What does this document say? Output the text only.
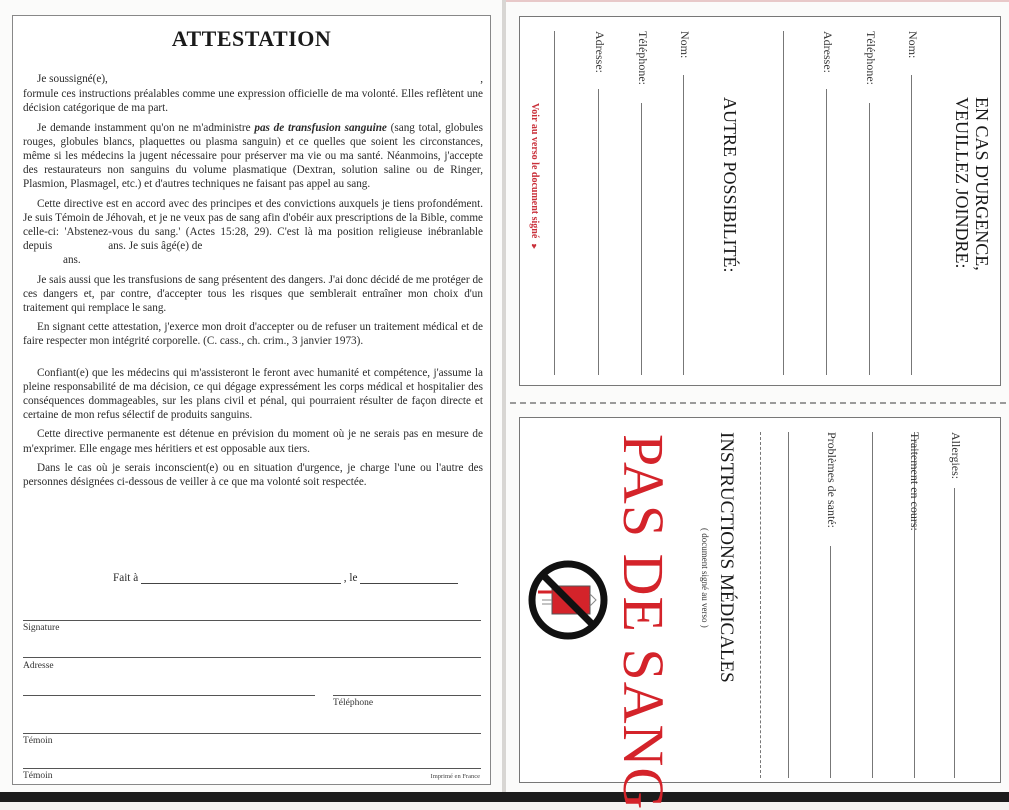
ATTESTATION

Je soussigné(e),	,

formule ces instructions préalables comme une expression officielle de ma volonté. Elles reflètent une décision catégorique de ma part.

Je demande instamment qu'on ne m'administre pas de transfusion sanguine (sang total, globules rouges, globules blancs, plaquettes ou plasma sanguin) et ce quelles que soient les circonstances, même si les médecins la jugent nécessaire pour préserver ma vie ou ma santé. Néanmoins, j'accepte des restaurateurs non sanguins du volume plasmatique (Dextran, solution saline ou de Ringer, Plasmion, Plasmagel, etc.) et d'autres techniques ne faisant pas appel au sang.

Cette directive est en accord avec des principes et des convictions auxquels je tiens profondément. Je suis Témoin de Jéhovah, et je ne veux pas de sang afin d'obéir aux prescriptions de la Bible, comme celle-ci: 'Abstenez-vous du sang.' (Actes 15:28, 29). C'est là ma position religieuse inébranlable depuis	ans. Je suis âgé(e) de
ans.

Je sais aussi que les transfusions de sang présentent des dangers. J'ai donc décidé de me protéger de ces dangers et, par contre, d'accepter tous les risques que semblerait entraîner mon choix d'un traitement qui remplace le sang.

En signant cette attestation, j'exerce mon droit d'accepter ou de refuser un traitement médical et de faire respecter mon intégrité corporelle. (C. cass., ch. crim., 3 janvier 1973).

Confiant(e) que les médecins qui m'assisteront le feront avec humanité et compétence, j'assume la pleine responsabilité de ma décision, ce qui dégage expressément les corps médical et hospitalier des conséquences dommageables, sur les plans civil et pénal, qui pourraient résulter de façon directe et certaine de mon refus sélectif de produits sanguins.

Cette directive permanente est détenue en prévision du moment où je ne serais pas en mesure de m'exprimer. Elle engage mes héritiers et est opposable aux tiers.

Dans le cas où je serais inconscient(e) ou en situation d'urgence, je charge l'une ou l'autre des personnes désignées ci-dessous de veiller à ce que ma volonté soit respectée.

Fait à	, le
Signature
Adresse
Téléphone
Témoin
Témoin	Imprimé en France
EN CAS D'URGENCE,
VEUILLEZ JOINDRE:
Nom:
Téléphone:
Adresse:
AUTRE POSSIBILITÉ:
Nom:
Téléphone:
Adresse:
Voir au verso le document signé ♥
Allergies:
Traitement en cours:
Problèmes de santé:
INSTRUCTIONS MÉDICALES
( document signé au verso )
PAS DE SANG
